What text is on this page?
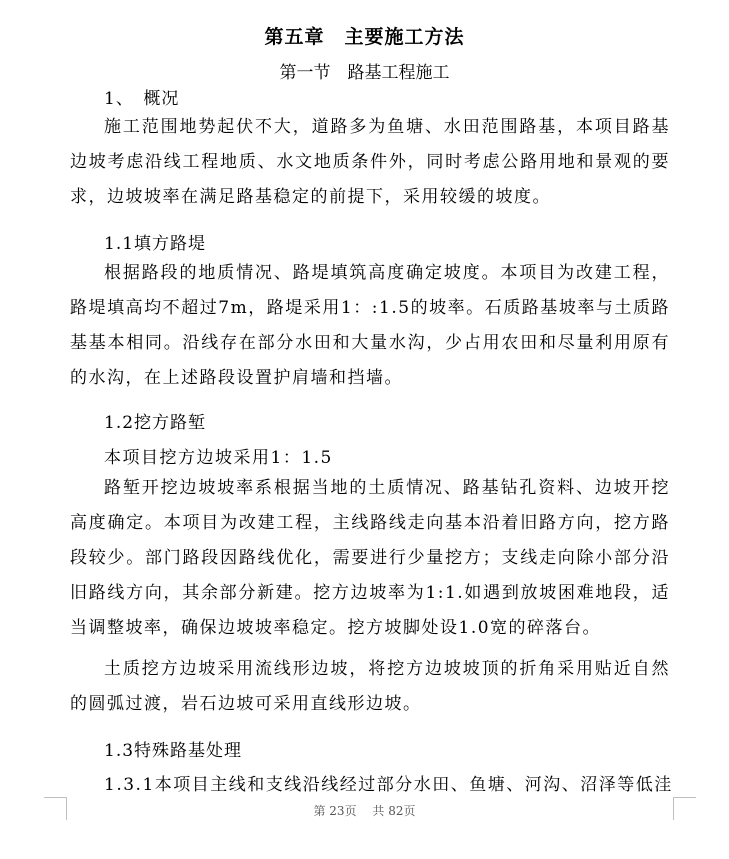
第五章　主要施工方法
第一节　路基工程施工
1、　概况

施工范围地势起伏不大，道路多为鱼塘、水田范围路基，本项目路基边坡考虑沿线工程地质、水文地质条件外，同时考虑公路用地和景观的要求，边坡坡率在满足路基稳定的前提下，采用较缓的坡度。

1.1填方路堤

根据路段的地质情况、路堤填筑高度确定坡度。本项目为改建工程，路堤填高均不超过7m，路堤采用1：:1.5的坡率。石质路基坡率与土质路基基本相同。沿线存在部分水田和大量水沟，少占用农田和尽量利用原有的水沟，在上述路段设置护肩墙和挡墙。

1.2挖方路堑
本项目挖方边坡采用1：1.5

路堑开挖边坡坡率系根据当地的土质情况、路基钻孔资料、边坡开挖高度确定。本项目为改建工程，主线路线走向基本沿着旧路方向，挖方路段较少。部门路段因路线优化，需要进行少量挖方；支线走向除小部分沿旧路线方向，其余部分新建。挖方边坡率为1:1.如遇到放坡困难地段，适当调整坡率，确保边坡坡率稳定。挖方坡脚处设1.0宽的碎落台。

土质挖方边坡采用流线形边坡，将挖方边坡坡顶的折角采用贴近自然的圆弧过渡，岩石边坡可采用直线形边坡。

1.3特殊路基处理
1.3.1本项目主线和支线沿线经过部分水田、鱼塘、河沟、沼泽等低洼
第 23页 共 82页
